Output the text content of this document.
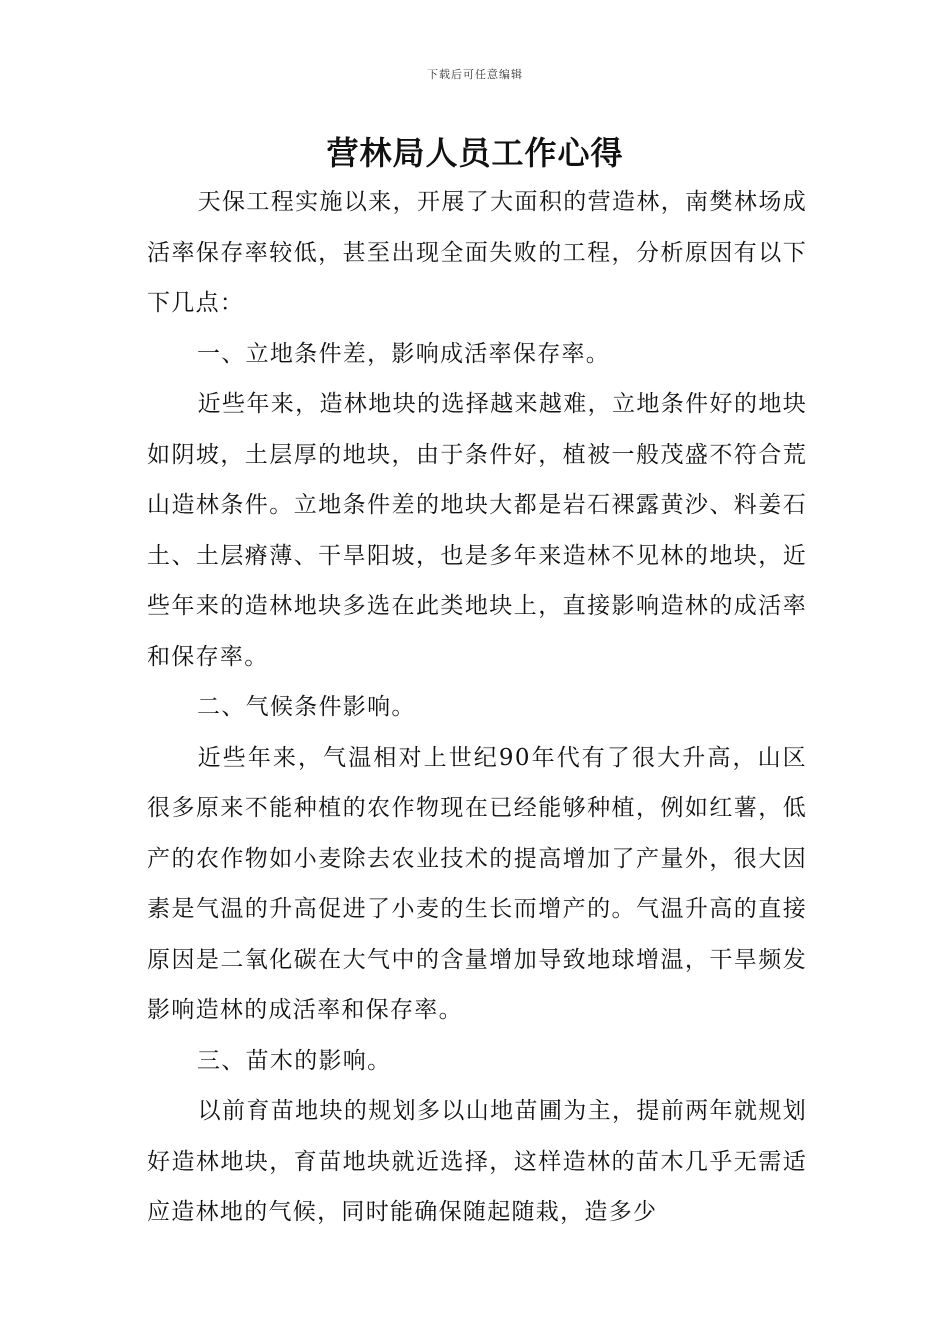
下载后可任意编辑
营林局人员工作心得

天保工程实施以来，开展了大面积的营造林，南樊林场成活率保存率较低，甚至出现全面失败的工程，分析原因有以下下几点：

一、立地条件差，影响成活率保存率。

近些年来，造林地块的选择越来越难，立地条件好的地块如阴坡，土层厚的地块，由于条件好，植被一般茂盛不符合荒山造林条件。立地条件差的地块大都是岩石裸露黄沙、料姜石土、土层瘠薄、干旱阳坡，也是多年来造林不见林的地块，近些年来的造林地块多选在此类地块上，直接影响造林的成活率和保存率。

二、气候条件影响。

近些年来，气温相对上世纪90年代有了很大升高，山区很多原来不能种植的农作物现在已经能够种植，例如红薯，低产的农作物如小麦除去农业技术的提高增加了产量外，很大因素是气温的升高促进了小麦的生长而增产的。气温升高的直接原因是二氧化碳在大气中的含量增加导致地球增温，干旱频发影响造林的成活率和保存率。

三、苗木的影响。

以前育苗地块的规划多以山地苗圃为主，提前两年就规划好造林地块，育苗地块就近选择，这样造林的苗木几乎无需适应造林地的气候，同时能确保随起随栽，造多少
